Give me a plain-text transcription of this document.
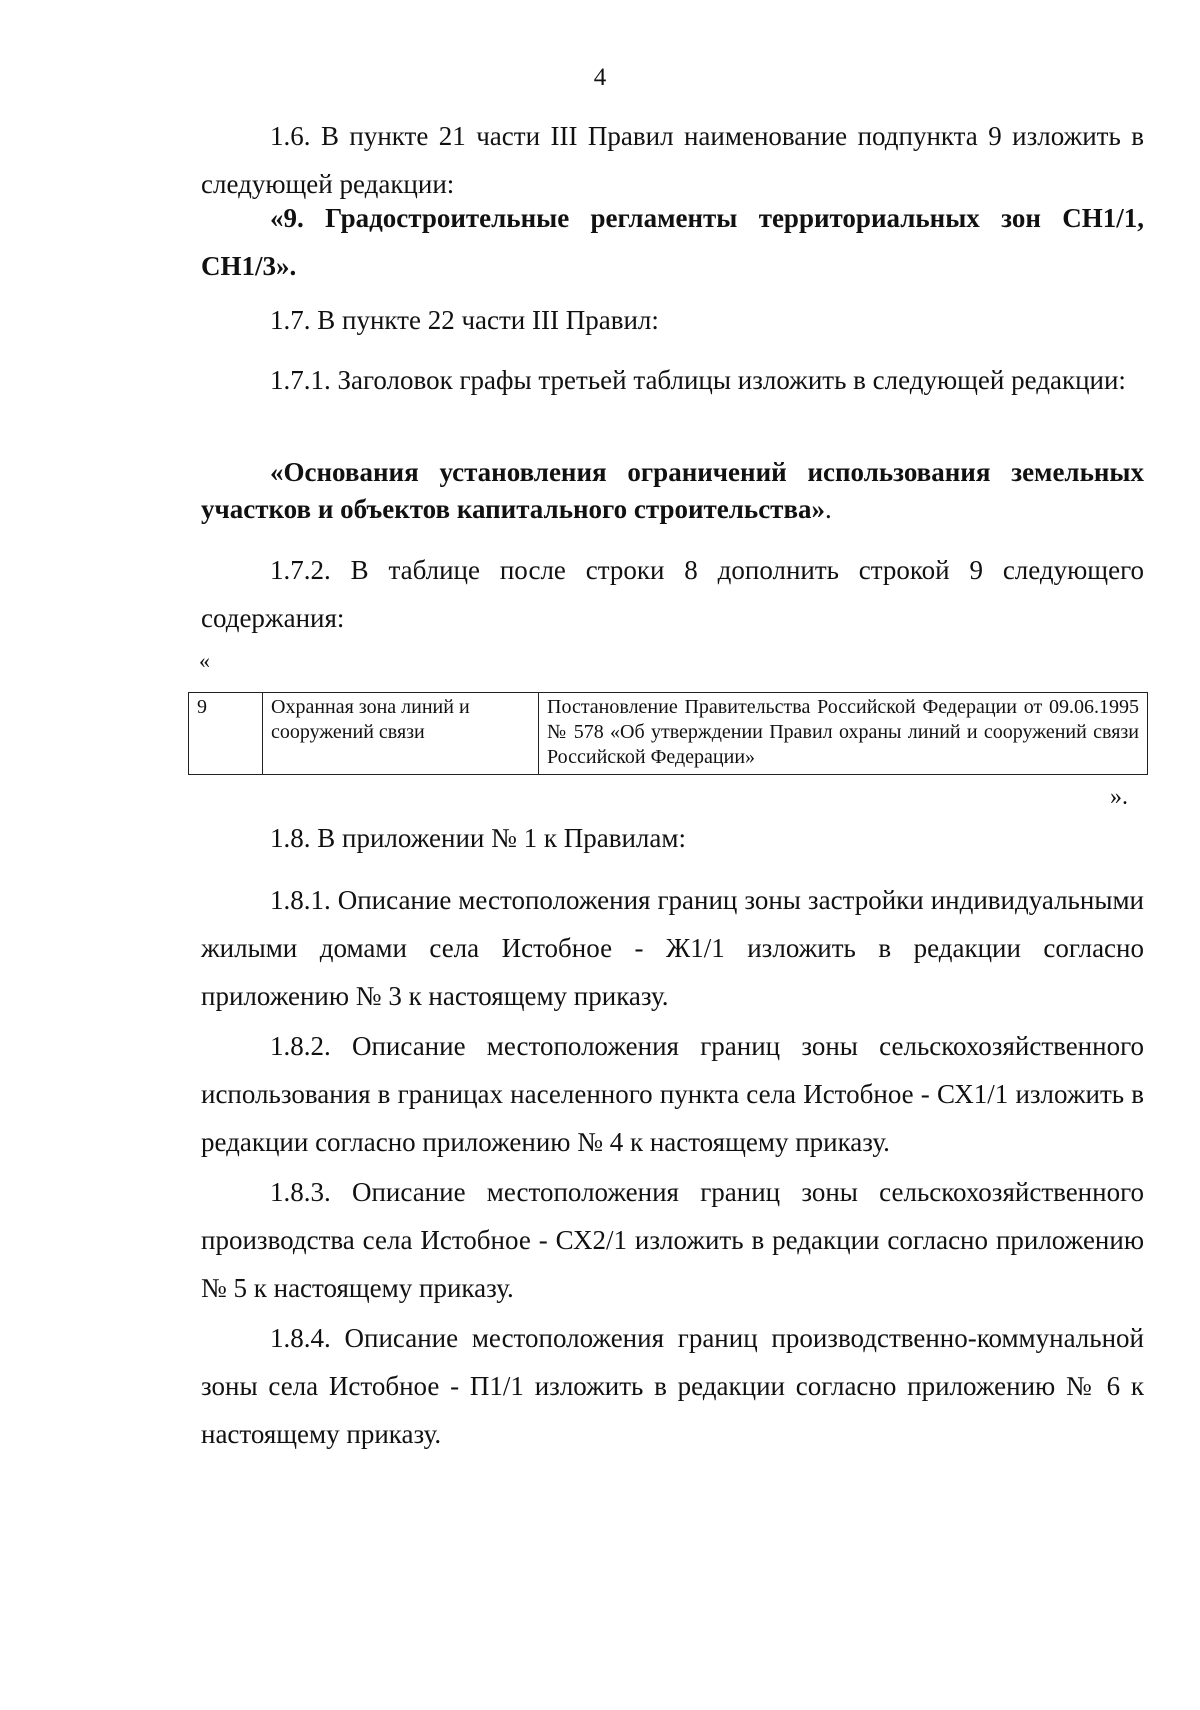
4

1.6. В пункте 21 части III Правил наименование подпункта 9 изложить в следующей редакции:

«9. Градостроительные регламенты территориальных зон СН1/1, СН1/3».

1.7. В пункте 22 части III Правил:

1.7.1. Заголовок графы третьей таблицы изложить в следующей редакции:

«Основания установления ограничений использования земельных участков и объектов капитального строительства».

1.7.2. В таблице после строки 8 дополнить строкой 9 следующего содержания:

«
9	Охранная зона линий и сооружений связи	Постановление Правительства Российской Федерации от 09.06.1995 № 578 «Об утверждении Правил охраны линий и сооружений связи Российской Федерации»
».

1.8. В приложении № 1 к Правилам:

1.8.1. Описание местоположения границ зоны застройки индивидуальными жилыми домами села Истобное - Ж1/1 изложить в редакции согласно приложению № 3 к настоящему приказу.

1.8.2. Описание местоположения границ зоны сельскохозяйственного использования в границах населенного пункта села Истобное - СХ1/1 изложить в редакции согласно приложению № 4 к настоящему приказу.

1.8.3. Описание местоположения границ зоны сельскохозяйственного производства села Истобное - СХ2/1 изложить в редакции согласно приложению № 5 к настоящему приказу.

1.8.4. Описание местоположения границ производственно-коммунальной зоны села Истобное - П1/1 изложить в редакции согласно приложению № 6 к настоящему приказу.
